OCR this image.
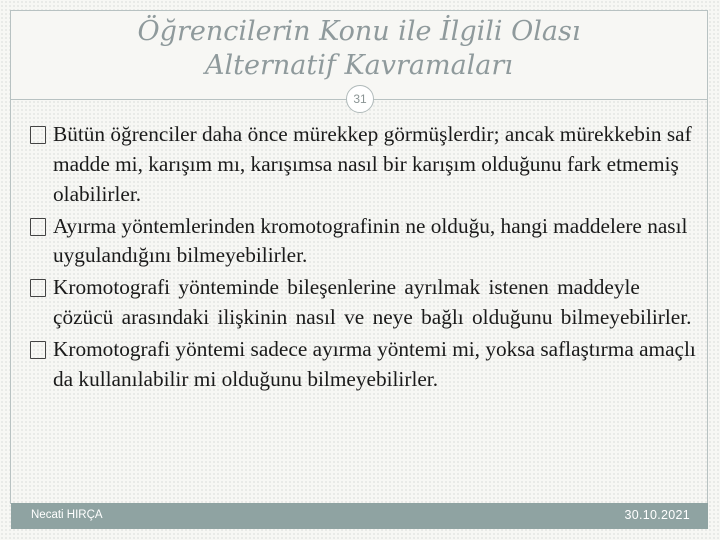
Öğrencilerin Konu ile İlgili Olası
Alternatif Kavramaları
31
Bütün öğrenciler daha önce mürekkep görmüşlerdir; ancak mürekkebin saf madde mi, karışım mı, karışımsa nasıl bir karışım olduğunu fark etmemiş olabilirler.
Ayırma yöntemlerinden kromotografinin ne olduğu, hangi maddelere nasıl uygulandığını bilmeyebilirler.
Kromotografi yönteminde bileşenlerine ayrılmak istenen maddeyle çözücü arasındaki ilişkinin nasıl ve neye bağlı olduğunu bilmeyebilirler.
Kromotografi yöntemi sadece ayırma yöntemi mi, yoksa saflaştırma amaçlı da kullanılabilir mi olduğunu bilmeyebilirler.
Necati HIRÇA	30.10.2021
